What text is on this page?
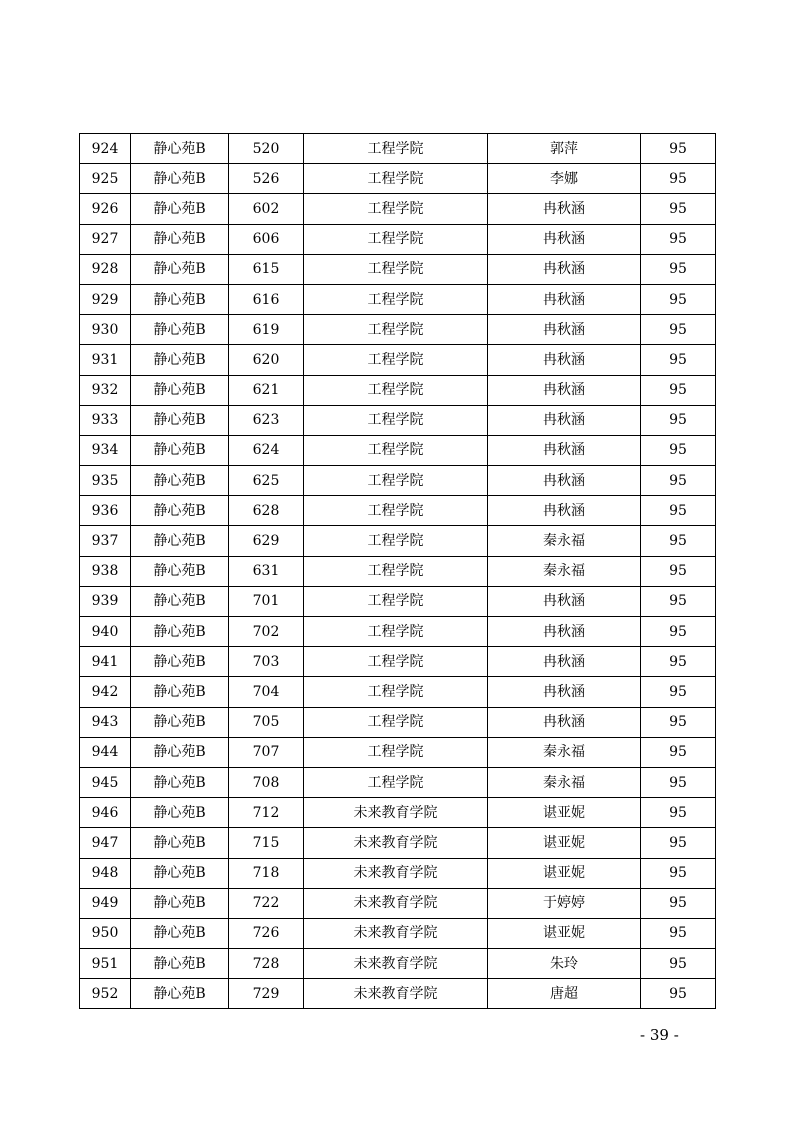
924	静心苑B	520	工程学院	郭萍	95
925	静心苑B	526	工程学院	李娜	95
926	静心苑B	602	工程学院	冉秋涵	95
927	静心苑B	606	工程学院	冉秋涵	95
928	静心苑B	615	工程学院	冉秋涵	95
929	静心苑B	616	工程学院	冉秋涵	95
930	静心苑B	619	工程学院	冉秋涵	95
931	静心苑B	620	工程学院	冉秋涵	95
932	静心苑B	621	工程学院	冉秋涵	95
933	静心苑B	623	工程学院	冉秋涵	95
934	静心苑B	624	工程学院	冉秋涵	95
935	静心苑B	625	工程学院	冉秋涵	95
936	静心苑B	628	工程学院	冉秋涵	95
937	静心苑B	629	工程学院	秦永福	95
938	静心苑B	631	工程学院	秦永福	95
939	静心苑B	701	工程学院	冉秋涵	95
940	静心苑B	702	工程学院	冉秋涵	95
941	静心苑B	703	工程学院	冉秋涵	95
942	静心苑B	704	工程学院	冉秋涵	95
943	静心苑B	705	工程学院	冉秋涵	95
944	静心苑B	707	工程学院	秦永福	95
945	静心苑B	708	工程学院	秦永福	95
946	静心苑B	712	未来教育学院	谌亚妮	95
947	静心苑B	715	未来教育学院	谌亚妮	95
948	静心苑B	718	未来教育学院	谌亚妮	95
949	静心苑B	722	未来教育学院	于婷婷	95
950	静心苑B	726	未来教育学院	谌亚妮	95
951	静心苑B	728	未来教育学院	朱玲	95
952	静心苑B	729	未来教育学院	唐超	95
- 39 -
